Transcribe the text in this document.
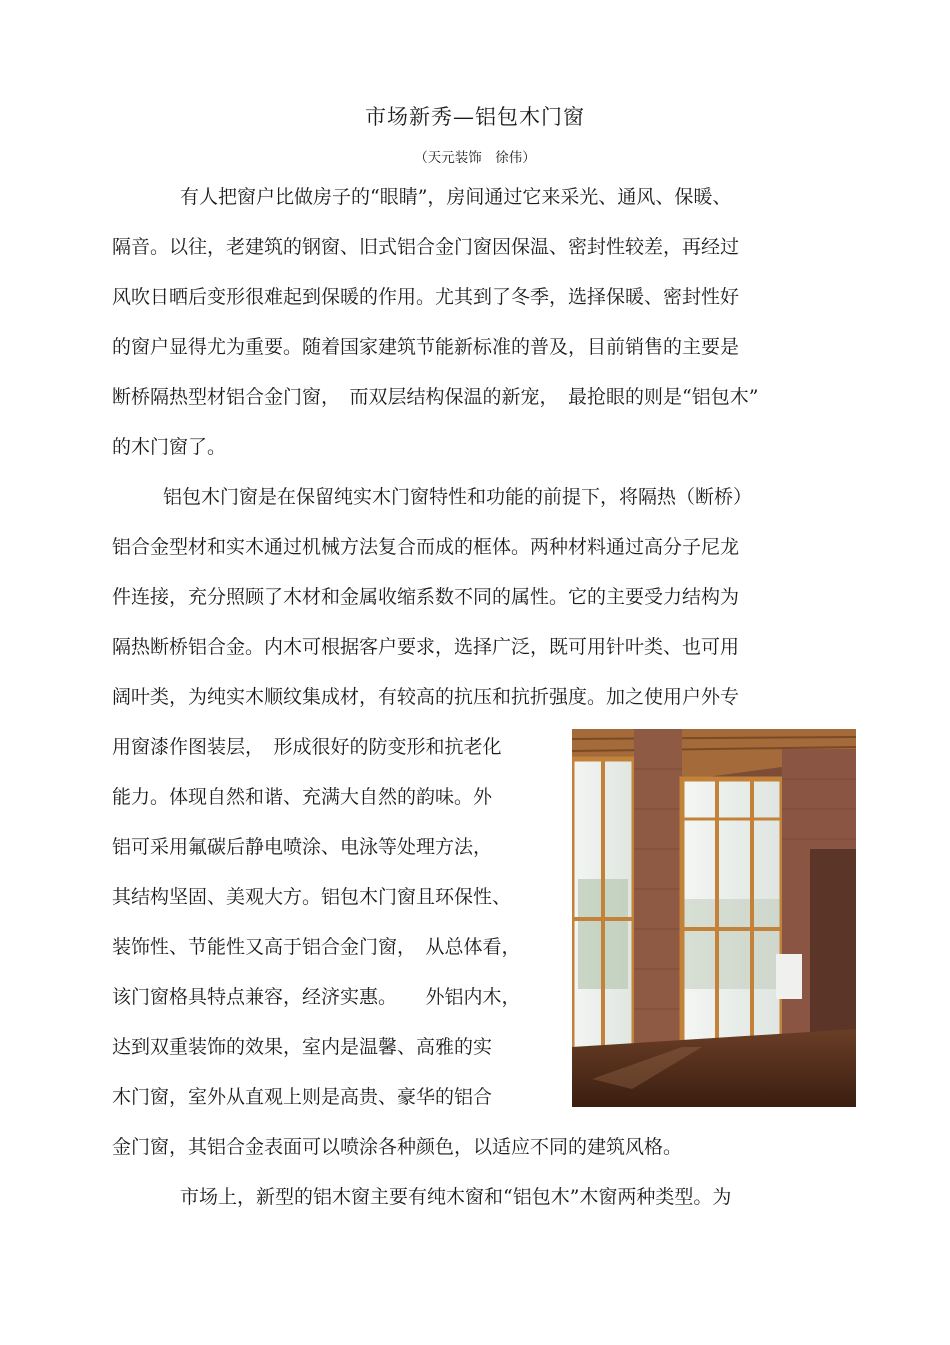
市场新秀—铝包木门窗
（天元装饰　徐伟）
有人把窗户比做房子的“眼睛”，房间通过它来采光、通风、保暖、
隔音。以往，老建筑的钢窗、旧式铝合金门窗因保温、密封性较差，再经过
风吹日晒后变形很难起到保暖的作用。尤其到了冬季，选择保暖、密封性好
的窗户显得尤为重要。随着国家建筑节能新标准的普及，目前销售的主要是
断桥隔热型材铝合金门窗，　而双层结构保温的新宠，　最抢眼的则是“铝包木”
的木门窗了。
铝包木门窗是在保留纯实木门窗特性和功能的前提下，将隔热（断桥）
铝合金型材和实木通过机械方法复合而成的框体。两种材料通过高分子尼龙
件连接，充分照顾了木材和金属收缩系数不同的属性。它的主要受力结构为
隔热断桥铝合金。内木可根据客户要求，选择广泛，既可用针叶类、也可用
阔叶类，为纯实木顺纹集成材，有较高的抗压和抗折强度。加之使用户外专
用窗漆作图装层，　形成很好的防变形和抗老化
能力。体现自然和谐、充满大自然的韵味。外
铝可采用氟碳后静电喷涂、电泳等处理方法，
其结构坚固、美观大方。铝包木门窗且环保性、
装饰性、节能性又高于铝合金门窗，　从总体看，
该门窗格具特点兼容，经济实惠。　　外铝内木，
达到双重装饰的效果，室内是温馨、高雅的实
木门窗，室外从直观上则是高贵、豪华的铝合
金门窗，其铝合金表面可以喷涂各种颜色，以适应不同的建筑风格。
市场上，新型的铝木窗主要有纯木窗和“铝包木”木窗两种类型。为
